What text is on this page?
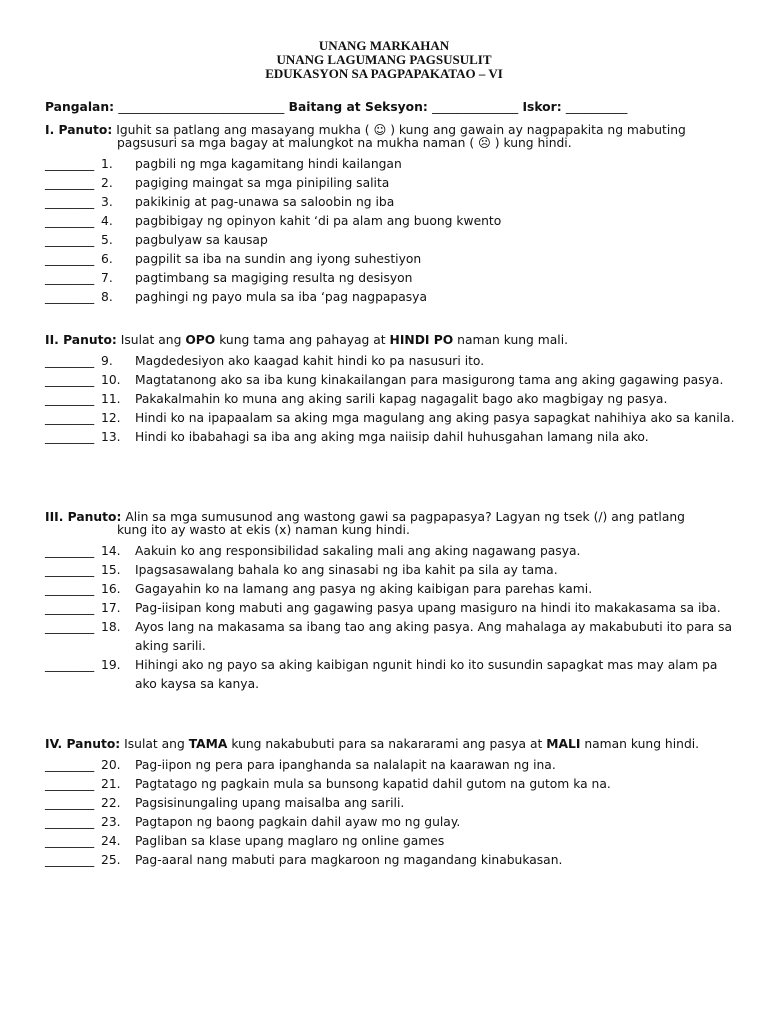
UNANG MARKAHAN
UNANG LAGUMANG PAGSUSULIT
EDUKASYON SA PAGPAPAKATAO – VI
Pangalan: ___________________________ Baitang at Seksyon: ______________ Iskor: __________
I. Panuto: Iguhit sa patlang ang masayang mukha ( ☺ ) kung ang gawain ay nagpapakita ng mabuting
pagsusuri sa mga bagay at malungkot na mukha naman ( ☹ ) kung hindi.
________ 1. pagbili ng mga kagamitang hindi kailangan
________ 2. pagiging maingat sa mga pinipiling salita
________ 3. pakikinig at pag-unawa sa saloobin ng iba
________ 4. pagbibigay ng opinyon kahit ‘di pa alam ang buong kwento
________ 5. pagbulyaw sa kausap
________ 6. pagpilit sa iba na sundin ang iyong suhestiyon
________ 7. pagtimbang sa magiging resulta ng desisyon
________ 8. paghingi ng payo mula sa iba ‘pag nagpapasya
II. Panuto: Isulat ang OPO kung tama ang pahayag at HINDI PO naman kung mali.
________ 9. Magdedesiyon ako kaagad kahit hindi ko pa nasusuri ito.
________ 10. Magtatanong ako sa iba kung kinakailangan para masigurong tama ang aking gagawing pasya.
________ 11. Pakakalmahin ko muna ang aking sarili kapag nagagalit bago ako magbigay ng pasya.
________ 12. Hindi ko na ipapaalam sa aking mga magulang ang aking pasya sapagkat nahihiya ako sa kanila.
________ 13. Hindi ko ibabahagi sa iba ang aking mga naiisip dahil huhusgahan lamang nila ako.
III. Panuto: Alin sa mga sumusunod ang wastong gawi sa pagpapasya? Lagyan ng tsek (/) ang patlang
kung ito ay wasto at ekis (x) naman kung hindi.
________ 14. Aakuin ko ang responsibilidad sakaling mali ang aking nagawang pasya.
________ 15. Ipagsasawalang bahala ko ang sinasabi ng iba kahit pa sila ay tama.
________ 16. Gagayahin ko na lamang ang pasya ng aking kaibigan para parehas kami.
________ 17. Pag-iisipan kong mabuti ang gagawing pasya upang masiguro na hindi ito makakasama sa iba.
________ 18. Ayos lang na makasama sa ibang tao ang aking pasya. Ang mahalaga ay makabubuti ito para sa aking sarili.
________ 19. Hihingi ako ng payo sa aking kaibigan ngunit hindi ko ito susundin sapagkat mas may alam pa ako kaysa sa kanya.
IV. Panuto: Isulat ang TAMA kung nakabubuti para sa nakararami ang pasya at MALI naman kung hindi.
________ 20. Pag-iipon ng pera para ipanghanda sa nalalapit na kaarawan ng ina.
________ 21. Pagtatago ng pagkain mula sa bunsong kapatid dahil gutom na gutom ka na.
________ 22. Pagsisinungaling upang maisalba ang sarili.
________ 23. Pagtapon ng baong pagkain dahil ayaw mo ng gulay.
________ 24. Pagliban sa klase upang maglaro ng online games
________ 25. Pag-aaral nang mabuti para magkaroon ng magandang kinabukasan.
